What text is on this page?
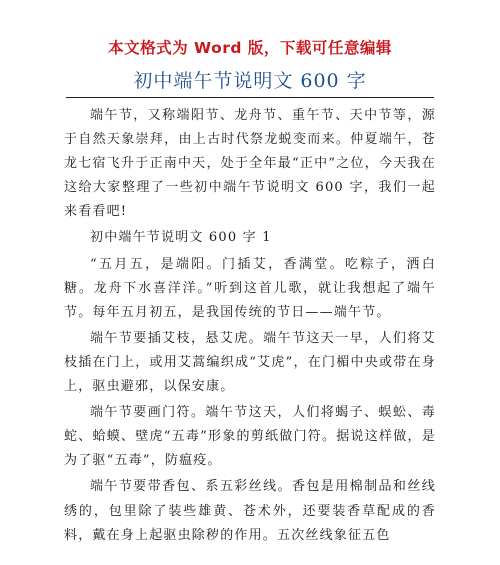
本文格式为 Word 版，下载可任意编辑
初中端午节说明文 600 字

端午节，又称端阳节、龙舟节、重午节、天中节等，源于自然天象崇拜，由上古时代祭龙蜕变而来。仲夏端午，苍龙七宿飞升于正南中天，处于全年最“正中”之位，今天我在这给大家整理了一些初中端午节说明文 600 字，我们一起来看看吧!

初中端午节说明文 600 字 1

“五月五，是端阳。门插艾，香满堂。吃粽子，洒白糖。龙舟下水喜洋洋。”听到这首儿歌，就让我想起了端午节。每年五月初五，是我国传统的节日——端午节。

端午节要插艾枝，悬艾虎。端午节这天一早，人们将艾枝插在门上，或用艾蒿编织成“艾虎”，在门楣中央或带在身上，驱虫避邪，以保安康。

端午节要画门符。端午节这天，人们将蝎子、蜈蚣、毒蛇、蛤蟆、壁虎“五毒”形象的剪纸做门符。据说这样做，是为了驱“五毒”，防瘟疫。

端午节要带香包、系五彩丝线。香包是用棉制品和丝线绣的，包里除了装些雄黄、苍术外，还要装香草配成的香料，戴在身上起驱虫除秽的作用。五次丝线象征五色
